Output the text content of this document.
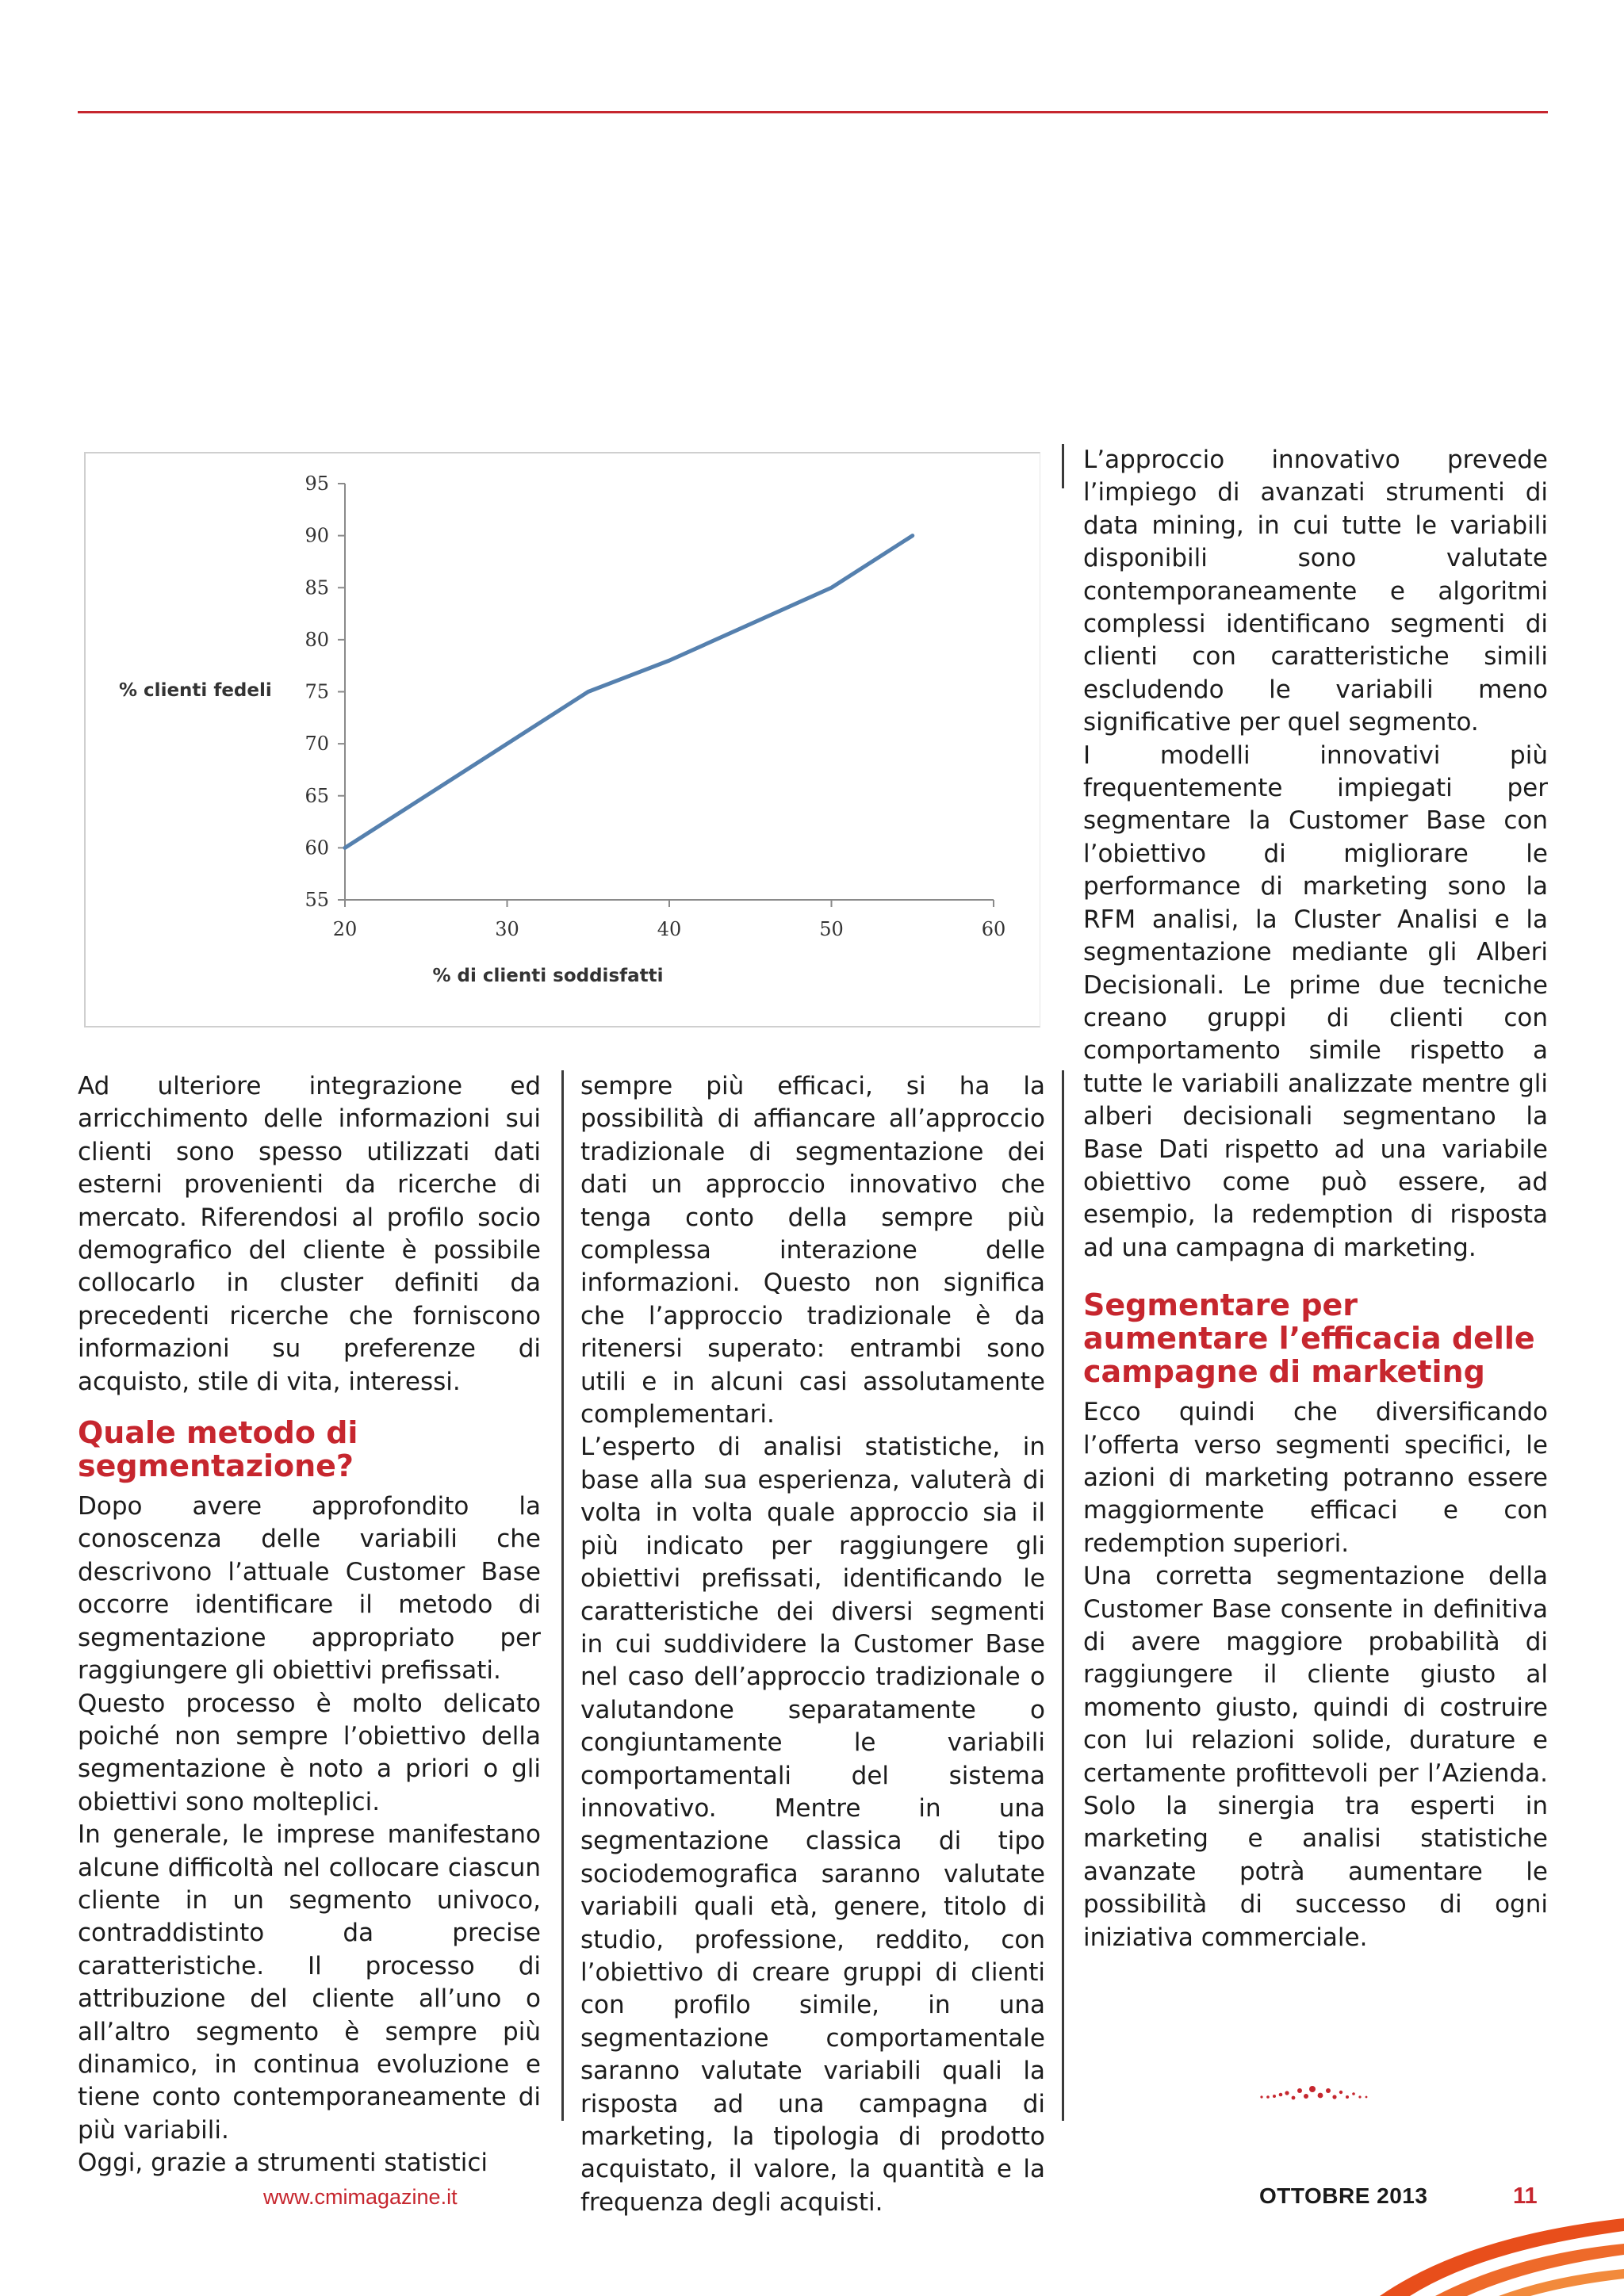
95
90
85
80
75
70
65
60
55
20	30	40	50	60
% clienti fedeli
% di clienti soddisfatti

Ad ulteriore integrazione ed arricchimento delle informazioni sui clienti sono spesso utilizzati dati esterni provenienti da ricerche di mercato. Riferendosi al profilo socio demografico del cliente è possibile collocarlo in cluster definiti da precedenti ricerche che forniscono informazioni su preferenze di acquisto, stile di vita, interessi.

Quale metodo di segmentazione?

Dopo avere approfondito la conoscenza delle variabili che descrivono l’attuale Customer Base occorre identificare il metodo di segmentazione appropriato per raggiungere gli obiettivi prefissati.

Questo processo è molto delicato poiché non sempre l’obiettivo della segmentazione è noto a priori o gli obiettivi sono molteplici.

In generale, le imprese manifestano alcune difficoltà nel collocare ciascun cliente in un segmento univoco, contraddistinto da precise caratteristiche. Il processo di attribuzione del cliente all’uno o all’altro segmento è sempre più dinamico, in continua evoluzione e tiene conto contemporaneamente di più variabili.

Oggi, grazie a strumenti statistici

sempre più efficaci, si ha la possibilità di affiancare all’approccio tradizionale di segmentazione dei dati un approccio innovativo che tenga conto della sempre più complessa interazione delle informazioni. Questo non significa che l’approccio tradizionale è da ritenersi superato: entrambi sono utili e in alcuni casi assolutamente complementari.

L’esperto di analisi statistiche, in base alla sua esperienza, valuterà di volta in volta quale approccio sia il più indicato per raggiungere gli obiettivi prefissati, identificando le caratteristiche dei diversi segmenti in cui suddividere la Customer Base nel caso dell’approccio tradizionale o valutandone separatamente o congiuntamente le variabili comportamentali del sistema innovativo. Mentre in una segmentazione classica di tipo sociodemografica saranno valutate variabili quali età, genere, titolo di studio, professione, reddito, con l’obiettivo di creare gruppi di clienti con profilo simile, in una segmentazione comportamentale saranno valutate variabili quali la risposta ad una campagna di marketing, la tipologia di prodotto acquistato, il valore, la quantità e la frequenza degli acquisti.

L’approccio innovativo prevede l’impiego di avanzati strumenti di data mining, in cui tutte le variabili disponibili sono valutate contemporaneamente e algoritmi complessi identificano segmenti di clienti con caratteristiche simili escludendo le variabili meno significative per quel segmento.

I modelli innovativi più frequentemente impiegati per segmentare la Customer Base con l’obiettivo di migliorare le performance di marketing sono la RFM analisi, la Cluster Analisi e la segmentazione mediante gli Alberi Decisionali. Le prime due tecniche creano gruppi di clienti con comportamento simile rispetto a tutte le variabili analizzate mentre gli alberi decisionali segmentano la Base Dati rispetto ad una variabile obiettivo come può essere, ad esempio, la redemption di risposta ad una campagna di marketing.

Segmentare per aumentare l’efficacia delle campagne di marketing

Ecco quindi che diversificando l’offerta verso segmenti specifici, le azioni di marketing potranno essere maggiormente efficaci e con redemption superiori.

Una corretta segmentazione della Customer Base consente in definitiva di avere maggiore probabilità di raggiungere il cliente giusto al momento giusto, quindi di costruire con lui relazioni solide, durature e certamente profittevoli per l’Azienda. Solo la sinergia tra esperti in marketing e analisi statistiche avanzate potrà aumentare le possibilità di successo di ogni iniziativa commerciale.

www.cmimagazine.it	OTTOBRE 2013	11
